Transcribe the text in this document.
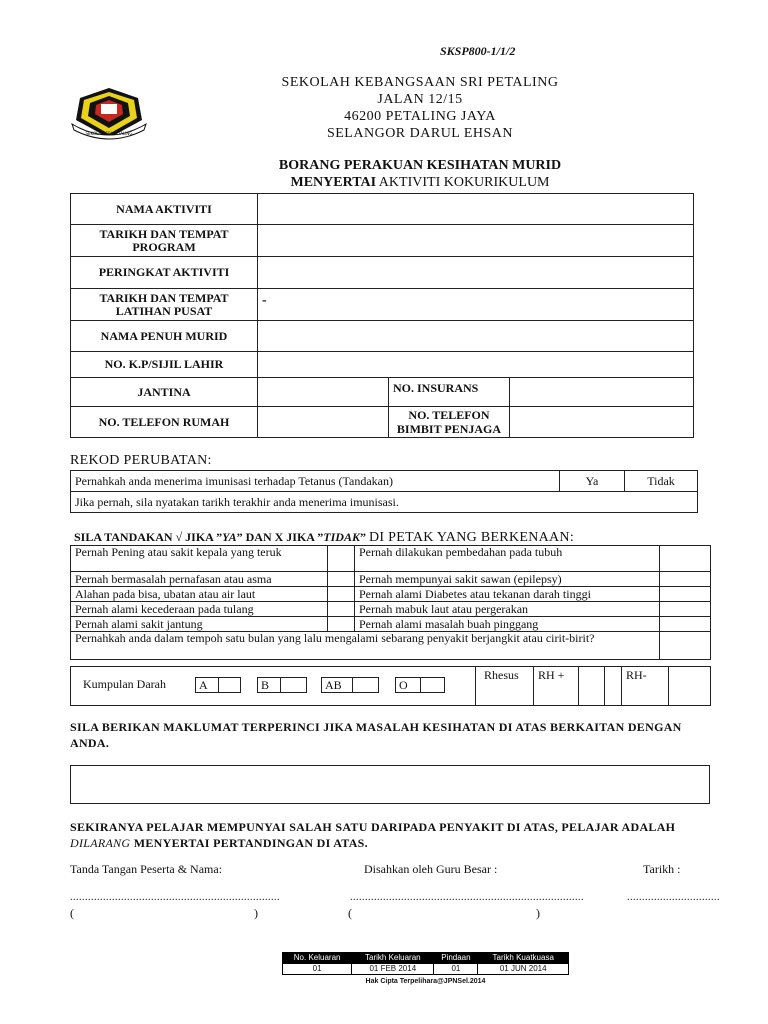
SKSP800-1/1/2
SEKOLAH SRI PETALING
SEKOLAH KEBANGSAAN SRI PETALING
JALAN 12/15
46200 PETALING JAYA
SELANGOR DARUL EHSAN
BORANG PERAKUAN KESIHATAN MURID
MENYERTAI AKTIVITI KOKURIKULUM
NAMA AKTIVITI			
TARIKH DAN TEMPAT PROGRAM			
PERINGKAT AKTIVITI			
TARIKH DAN TEMPAT LATIHAN PUSAT	-		
NAMA PENUH MURID			
NO. K.P/SIJIL LAHIR			
JANTINA		NO. INSURANS	
NO. TELEFON RUMAH		NO. TELEFON BIMBIT PENJAGA	
REKOD PERUBATAN:
Pernahkah anda menerima imunisasi terhadap Tetanus (Tandakan)	Ya	Tidak
Jika pernah, sila nyatakan tarikh terakhir anda menerima imunisasi.
SILA TANDAKAN √ JIKA ”YA” DAN X JIKA ”TIDAK” DI PETAK YANG BERKENAAN:
Pernah Pening atau sakit kepala yang teruk		Pernah dilakukan pembedahan pada tubuh	
Pernah bermasalah pernafasan atau asma		Pernah mempunyai sakit sawan (epilepsy)	
Alahan pada bisa, ubatan atau air laut		Pernah alami Diabetes atau tekanan darah tinggi	
Pernah alami kecederaan pada tulang		Pernah mabuk laut atau pergerakan	
Pernah alami sakit jantung		Pernah alami masalah buah pinggang	
Pernahkah anda dalam tempoh satu bulan yang lalu mengalami sebarang penyakit berjangkit atau cirit-birit?			
Kumpulan Darah	A	B	AB	O
Rhesus	RH +	RH-
SILA BERIKAN MAKLUMAT TERPERINCI JIKA MASALAH KESIHATAN DI ATAS BERKAITAN DENGAN ANDA.
SEKIRANYA PELAJAR MEMPUNYAI SALAH SATU DARIPADA PENYAKIT DI ATAS, PELAJAR ADALAH
DILARANG MENYERTAI PERTANDINGAN DI ATAS.
Tanda Tangan Peserta & Nama:	Disahkan oleh Guru Besar :	Tarikh :
......................................................................	..............................................................................	...............................
(	)	(	)
No. Keluaran	Tarikh Keluaran	Pindaan	Tarikh Kuatkuasa
01	01 FEB 2014	01	01 JUN 2014
Hak Cipta Terpelihara@JPNSel.2014
